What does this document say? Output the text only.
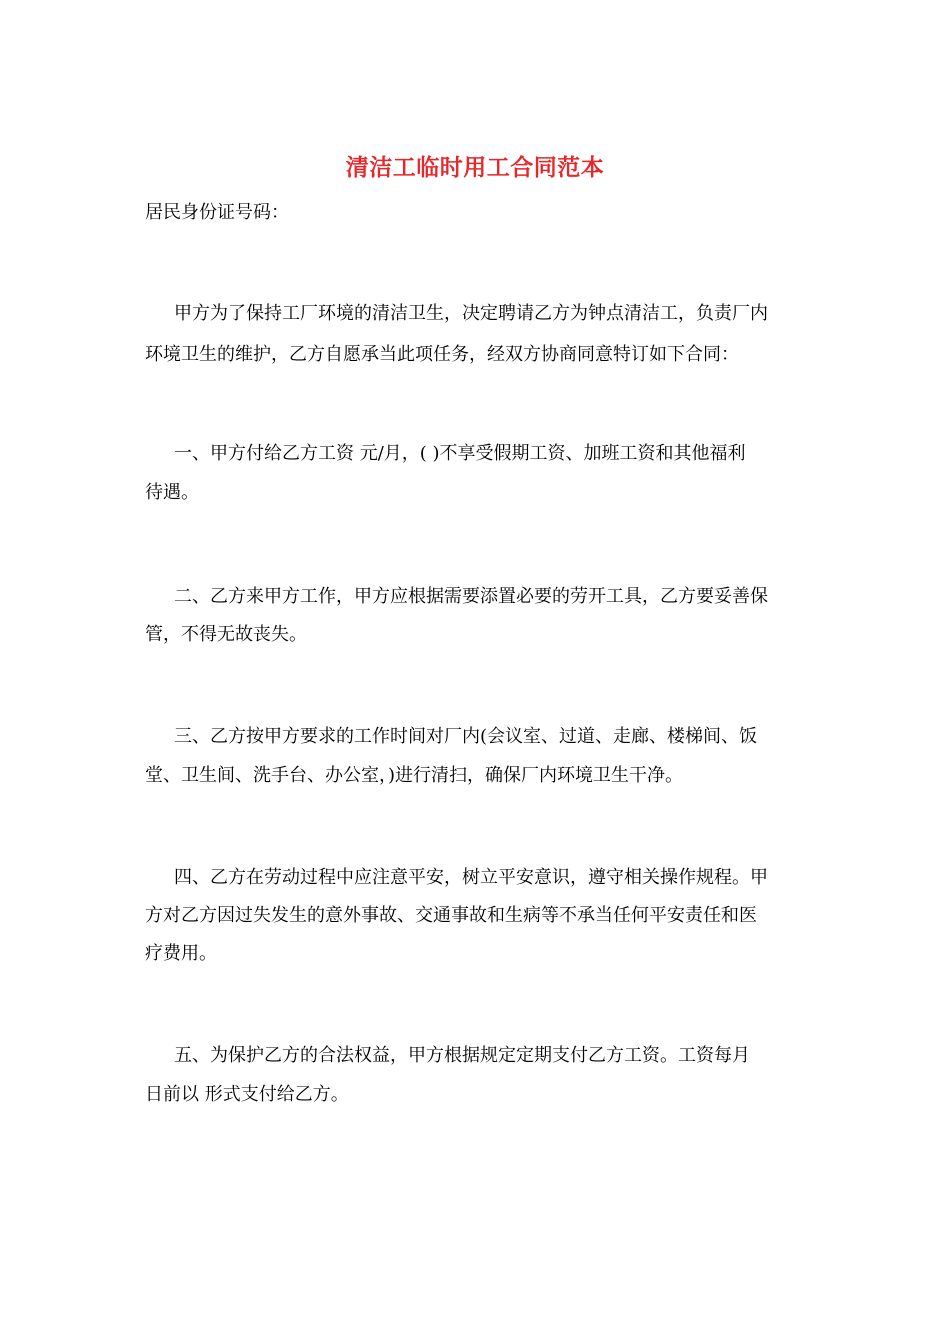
清洁工临时用工合同范本
居民身份证号码：
甲方为了保持工厂环境的清洁卫生，决定聘请乙方为钟点清洁工，负责厂内
环境卫生的维护，乙方自愿承当此项任务，经双方协商同意特订如下合同：
一、甲方付给乙方工资 元/月，( )不享受假期工资、加班工资和其他福利
待遇。
二、乙方来甲方工作，甲方应根据需要添置必要的劳开工具，乙方要妥善保
管，不得无故丧失。
三、乙方按甲方要求的工作时间对厂内(会议室、过道、走廊、楼梯间、饭
堂、卫生间、洗手台、办公室，)进行清扫，确保厂内环境卫生干净。
四、乙方在劳动过程中应注意平安，树立平安意识，遵守相关操作规程。甲
方对乙方因过失发生的意外事故、交通事故和生病等不承当任何平安责任和医
疗费用。
五、为保护乙方的合法权益，甲方根据规定定期支付乙方工资。工资每月
日前以 形式支付给乙方。
